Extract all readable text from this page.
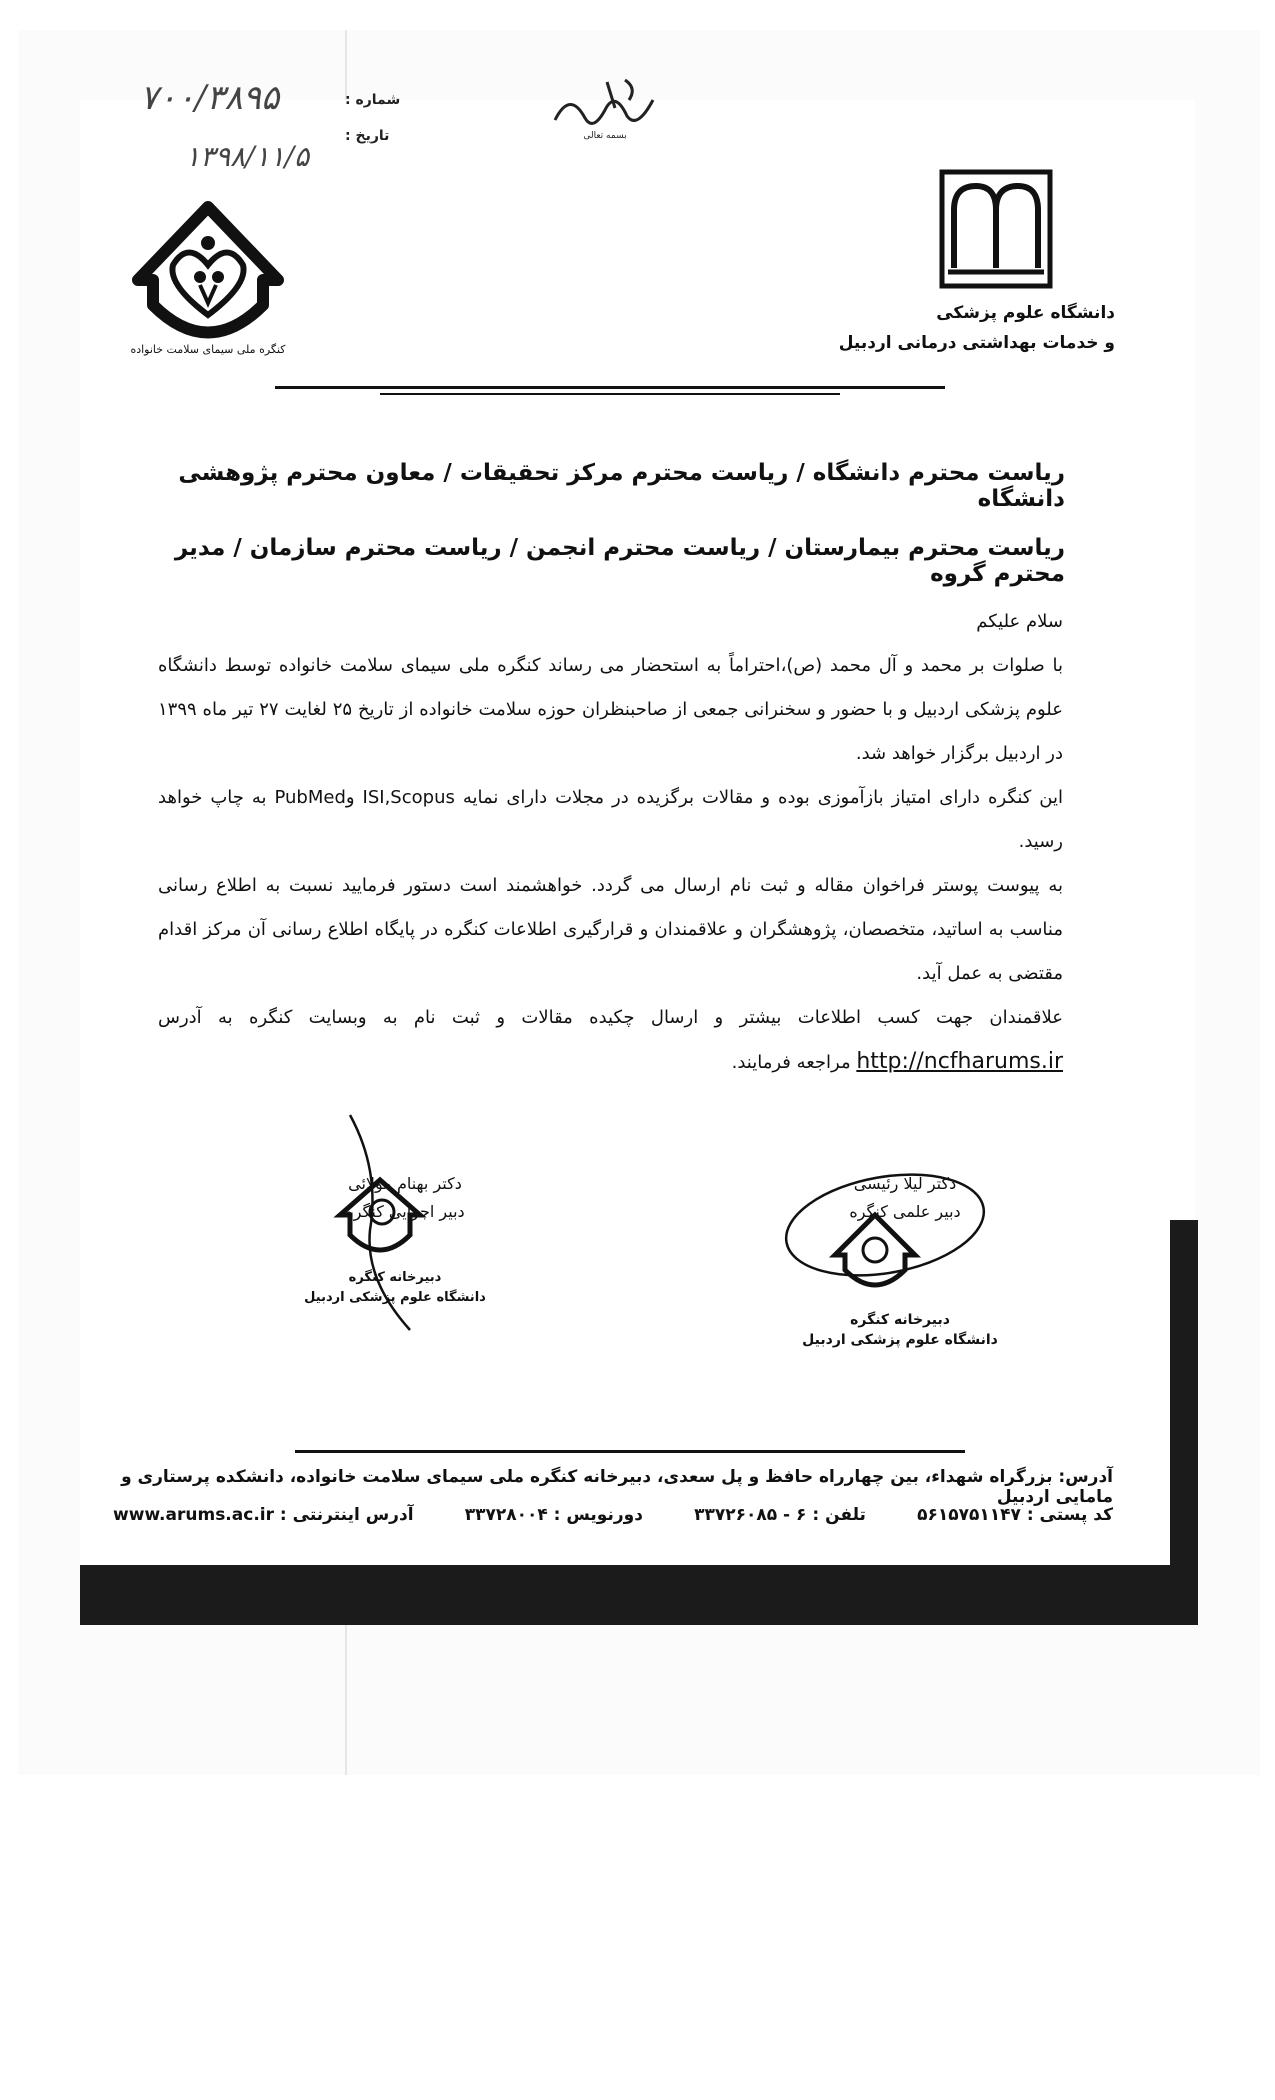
بسمه تعالی
شماره :
تاریخ :
۷۰۰/۳۸۹۵
۱۳۹۸/۱۱/۵
کنگره ملی سیمای سلامت خانواده
دانشگاه علوم پزشکی
و خدمات بهداشتی درمانی اردبیل
ریاست محترم دانشگاه / ریاست محترم مرکز تحقیقات / معاون محترم پژوهشی دانشگاه
ریاست محترم بیمارستان / ریاست محترم انجمن / ریاست محترم سازمان / مدیر محترم گروه

سلام علیکم

با صلوات بر محمد و آل محمد (ص)،احتراماً به استحضار می رساند کنگره ملی سیمای سلامت خانواده توسط دانشگاه علوم پزشکی اردبیل و با حضور و سخنرانی جمعی از صاحبنظران حوزه سلامت خانواده از تاریخ ۲۵ لغایت ۲۷ تیر ماه ۱۳۹۹ در اردبیل برگزار خواهد شد.

این کنگره دارای امتیاز بازآموزی بوده و مقالات برگزیده در مجلات دارای نمایه ISI,Scopus وPubMed به چاپ خواهد رسید.

به پیوست پوستر فراخوان مقاله و ثبت نام ارسال می گردد. خواهشمند است دستور فرمایید نسبت به اطلاع رسانی مناسب به اساتید، متخصصان، پژوهشگران و علاقمندان و قرارگیری اطلاعات کنگره در پایگاه اطلاع رسانی آن مرکز اقدام مقتضی به عمل آید.

علاقمندان جهت کسب اطلاعات بیشتر و ارسال چکیده مقالات و ثبت نام به وبسایت کنگره به آدرس http://ncfharums.ir مراجعه فرمایند.

دکتر لیلا رئیسی
دبیر علمی کنگره
دبیرخانه کنگره
دانشگاه علوم پزشکی اردبیل
دکتر بهنام مولائی
دبیر اجرایی کنگره
دبیرخانه کنگره
دانشگاه علوم پزشکی اردبیل
آدرس: بزرگراه شهداء، بین چهارراه حافظ و پل سعدی، دبیرخانه کنگره ملی سیمای سلامت خانواده، دانشکده پرستاری و مامایی اردبیل
کد پستی : ۵۶۱۵۷۵۱۱۴۷
تلفن : ۶ - ۳۳۷۲۶۰۸۵
دورنویس : ۳۳۷۲۸۰۰۴
آدرس اینترنتی : www.arums.ac.ir
